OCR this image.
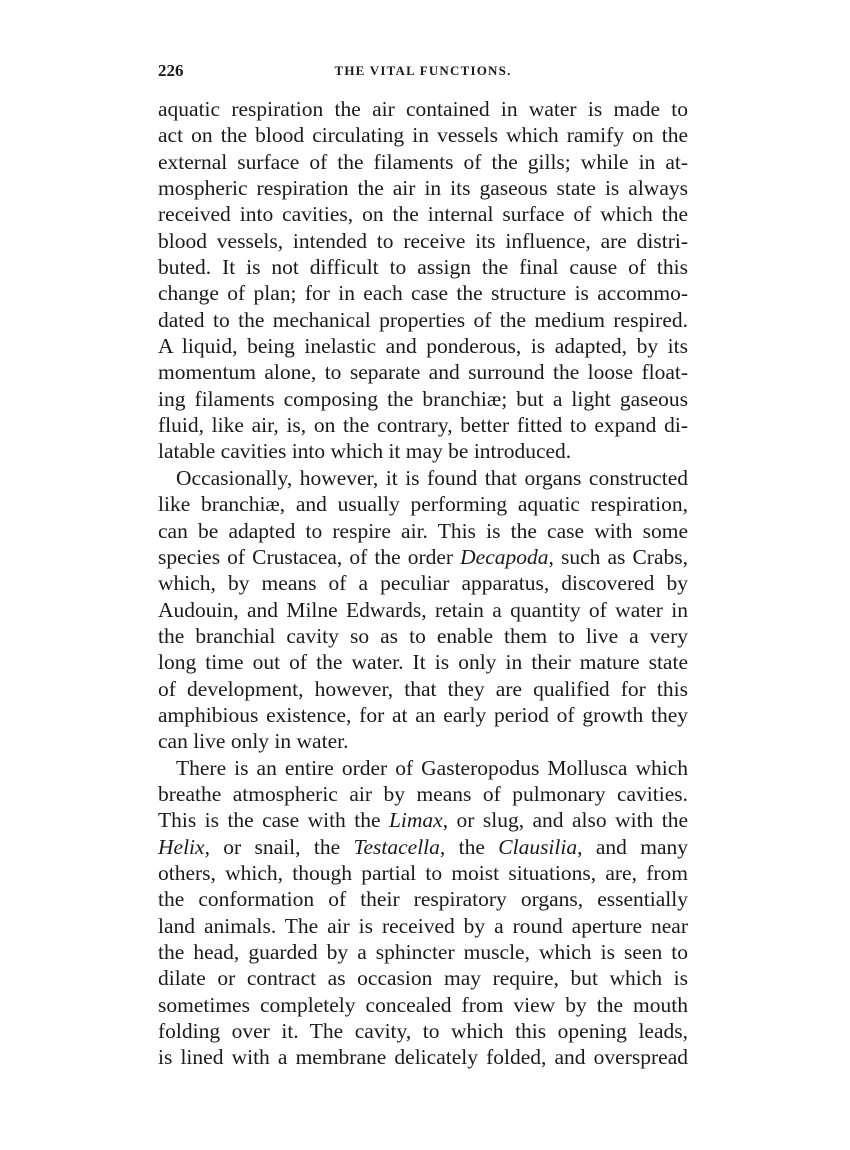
226	THE VITAL FUNCTIONS.
aquatic respiration the air contained in water is made to
act on the blood circulating in vessels which ramify on the
external surface of the filaments of the gills; while in at-
mospheric respiration the air in its gaseous state is always
received into cavities, on the internal surface of which the
blood vessels, intended to receive its influence, are distri-
buted. It is not difficult to assign the final cause of this
change of plan; for in each case the structure is accommo-
dated to the mechanical properties of the medium respired.
A liquid, being inelastic and ponderous, is adapted, by its
momentum alone, to separate and surround the loose float-
ing filaments composing the branchiæ; but a light gaseous
fluid, like air, is, on the contrary, better fitted to expand di-
latable cavities into which it may be introduced.
Occasionally, however, it is found that organs constructed
like branchiæ, and usually performing aquatic respiration,
can be adapted to respire air. This is the case with some
species of Crustacea, of the order Decapoda, such as Crabs,
which, by means of a peculiar apparatus, discovered by
Audouin, and Milne Edwards, retain a quantity of water in
the branchial cavity so as to enable them to live a very
long time out of the water. It is only in their mature state
of development, however, that they are qualified for this
amphibious existence, for at an early period of growth they
can live only in water.
There is an entire order of Gasteropodus Mollusca which
breathe atmospheric air by means of pulmonary cavities.
This is the case with the Limax, or slug, and also with the
Helix, or snail, the Testacella, the Clausilia, and many
others, which, though partial to moist situations, are, from
the conformation of their respiratory organs, essentially
land animals. The air is received by a round aperture near
the head, guarded by a sphincter muscle, which is seen to
dilate or contract as occasion may require, but which is
sometimes completely concealed from view by the mouth
folding over it. The cavity, to which this opening leads,
is lined with a membrane delicately folded, and overspread
